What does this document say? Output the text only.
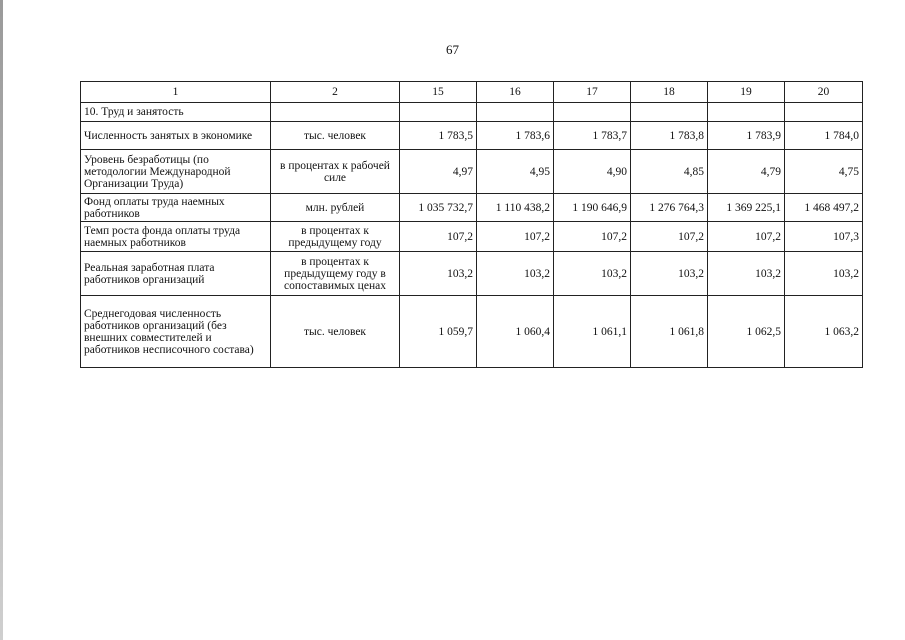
67
1	2	15	16	17	18	19	20
10. Труд и занятость							
Численность занятых в экономике	тыс. человек	1 783,5	1 783,6	1 783,7	1 783,8	1 783,9	1 784,0
Уровень безработицы (по методологии Международной Организации Труда)	в процентах к рабочей силе	4,97	4,95	4,90	4,85	4,79	4,75
Фонд оплаты труда наемных работников	млн. рублей	1 035 732,7	1 110 438,2	1 190 646,9	1 276 764,3	1 369 225,1	1 468 497,2
Темп роста фонда оплаты труда наемных работников	в процентах к предыдущему году	107,2	107,2	107,2	107,2	107,2	107,3
Реальная заработная плата работников организаций	в процентах к предыдущему году в сопоставимых ценах	103,2	103,2	103,2	103,2	103,2	103,2
Среднегодовая численность работников организаций (без внешних совместителей и работников несписочного состава)	тыс. человек	1 059,7	1 060,4	1 061,1	1 061,8	1 062,5	1 063,2
